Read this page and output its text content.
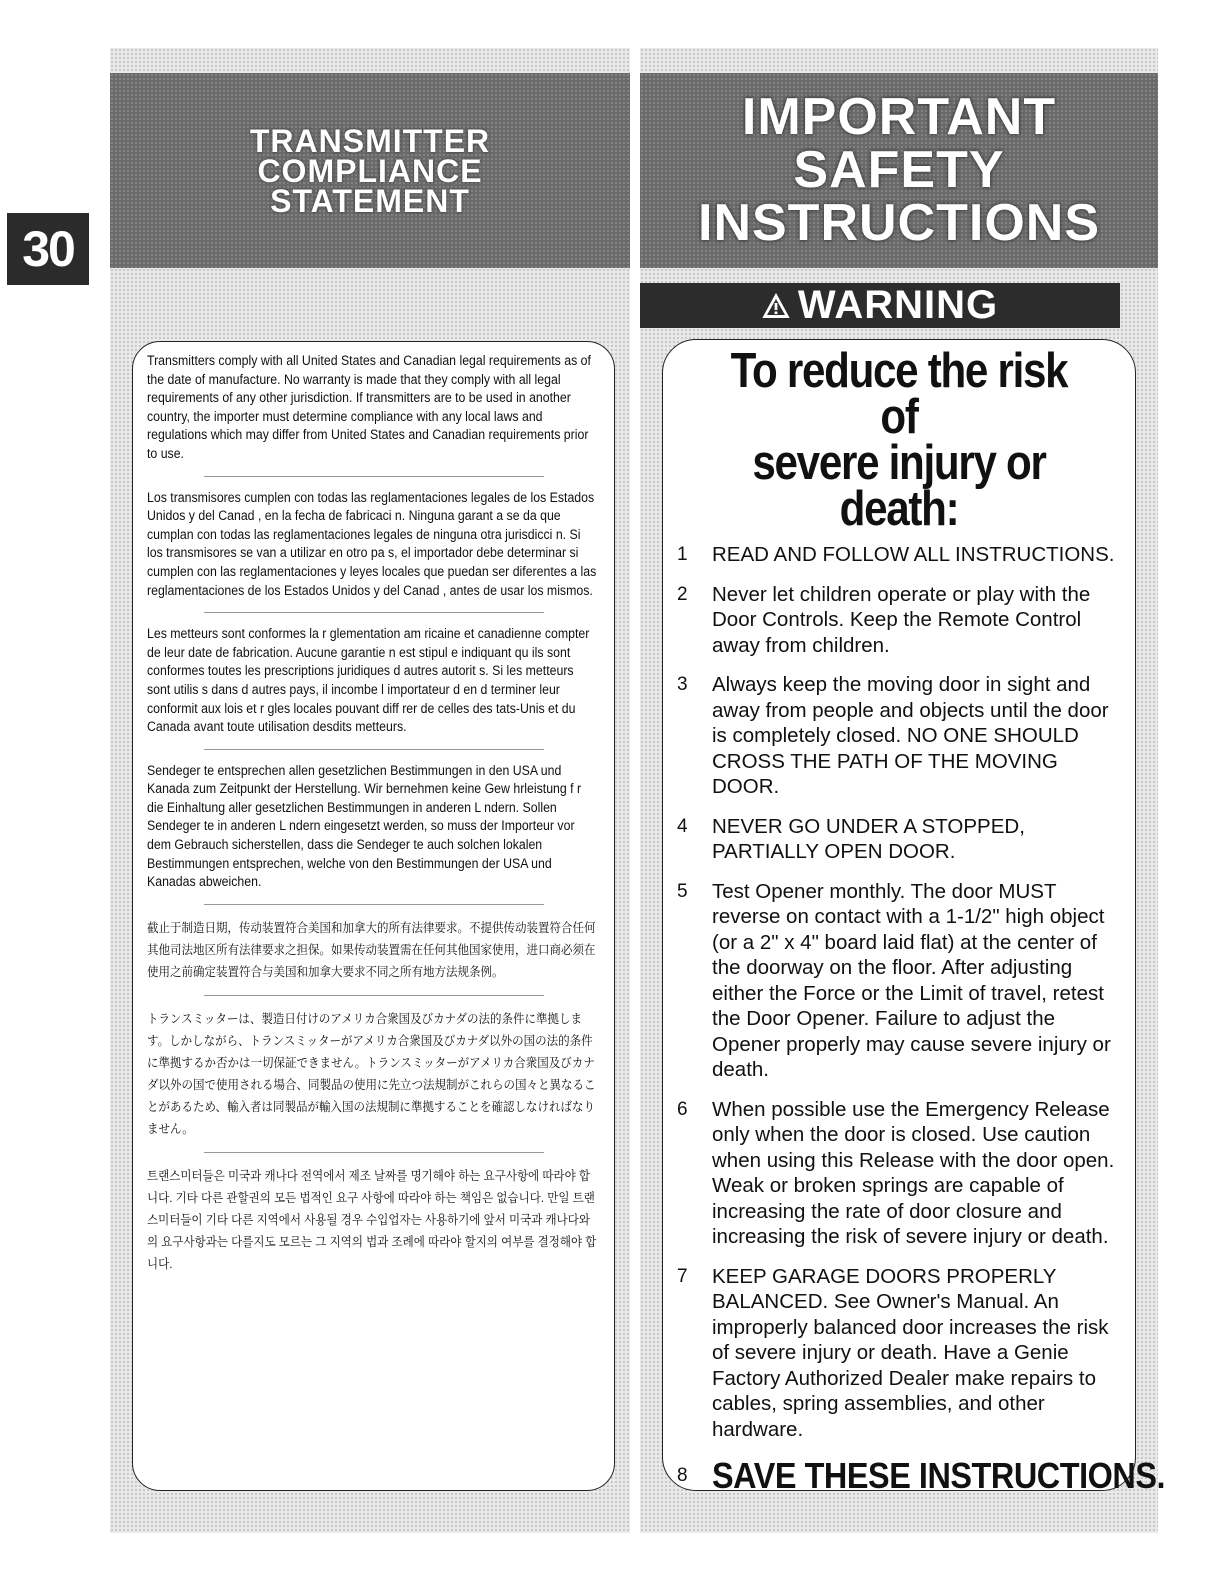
30
TRANSMITTER
COMPLIANCE
STATEMENT

Transmitters comply with all United States and Canadian legal requirements as of the date of manufacture. No warranty is made that they comply with all legal requirements of any other jurisdiction. If transmitters are to be used in another country, the importer must determine compliance with any local laws and regulations which may differ from United States and Canadian requirements prior to use.

Los transmisores cumplen con todas las reglamentaciones legales de los Estados Unidos y del Canad , en la fecha de fabricaci n. Ninguna garant a se da que cumplan con todas las reglamentaciones legales de ninguna otra jurisdicci n. Si los transmisores se van a utilizar en otro pa s, el importador debe determinar si cumplen con las reglamentaciones y leyes locales que puedan ser diferentes a las reglamentaciones de los Estados Unidos y del Canad , antes de usar los mismos.

Les metteurs sont conformes la r glementation am ricaine et canadienne compter de leur date de fabrication. Aucune garantie n est stipul e indiquant qu ils sont conformes toutes les prescriptions juridiques d autres autorit s. Si les metteurs sont utilis s dans d autres pays, il incombe l importateur d en d terminer leur conformit aux lois et r gles locales pouvant diff rer de celles des tats-Unis et du Canada avant toute utilisation desdits metteurs.

Sendeger te entsprechen allen gesetzlichen Bestimmungen in den USA und Kanada zum Zeitpunkt der Herstellung. Wir bernehmen keine Gew hrleistung f r die Einhaltung aller gesetzlichen Bestimmungen in anderen L ndern. Sollen Sendeger te in anderen L ndern eingesetzt werden, so muss der Importeur vor dem Gebrauch sicherstellen, dass die Sendeger te auch solchen lokalen Bestimmungen entsprechen, welche von den Bestimmungen der USA und Kanadas abweichen.

截止于制造日期，传动装置符合美国和加拿大的所有法律要求。不提供传动装置符合任何其他司法地区所有法律要求之担保。如果传动装置需在任何其他国家使用，进口商必须在使用之前确定装置符合与美国和加拿大要求不同之所有地方法规条例。

トランスミッターは、製造日付けのアメリカ合衆国及びカナダの法的条件に準拠します。しかしながら、トランスミッターがアメリカ合衆国及びカナダ以外の国の法的条件に準拠するか否かは一切保証できません。トランスミッターがアメリカ合衆国及びカナダ以外の国で使用される場合、同製品の使用に先立つ法規制がこれらの国々と異なることがあるため、輸入者は同製品が輸入国の法規制に準拠することを確認しなければなりません。

트랜스미터들은 미국과 캐나다 전역에서 제조 날짜를 명기해야 하는 요구사항에 따라야 합니다. 기타 다른 관할권의 모든 법적인 요구 사항에 따라야 하는 책임은 없습니다. 만일 트랜스미터들이 기타 다른 지역에서 사용될 경우 수입업자는 사용하기에 앞서 미국과 캐나다와의 요구사항과는 다를지도 모르는 그 지역의 법과 조례에 따라야 할지의 여부를 결정해야 합니다.

IMPORTANT
SAFETY
INSTRUCTIONS
WARNING
To reduce the risk of
severe injury or death:
1	READ AND FOLLOW ALL INSTRUCTIONS.
2	Never let children operate or play with the Door Controls. Keep the Remote Control away from children.
3	Always keep the moving door in sight and away from people and objects until the door is completely closed. NO ONE SHOULD CROSS THE PATH OF THE MOVING DOOR.
4	NEVER GO UNDER A STOPPED, PARTIALLY OPEN DOOR.
5	Test Opener monthly. The door MUST reverse on contact with a 1-1/2" high object (or a 2" x 4" board laid flat) at the center of the doorway on the floor. After adjusting either the Force or the Limit of travel, retest the Door Opener. Failure to adjust the Opener properly may cause severe injury or death.
6	When possible use the Emergency Release only when the door is closed. Use caution when using this Release with the door open. Weak or broken springs are capable of increasing the rate of door closure and increasing the risk of severe injury or death.
7	KEEP GARAGE DOORS PROPERLY BALANCED. See Owner's Manual. An improperly balanced door increases the risk of severe injury or death. Have a Genie Factory Authorized Dealer make repairs to cables, spring assemblies, and other hardware.
8 SAVE THESE INSTRUCTIONS.
